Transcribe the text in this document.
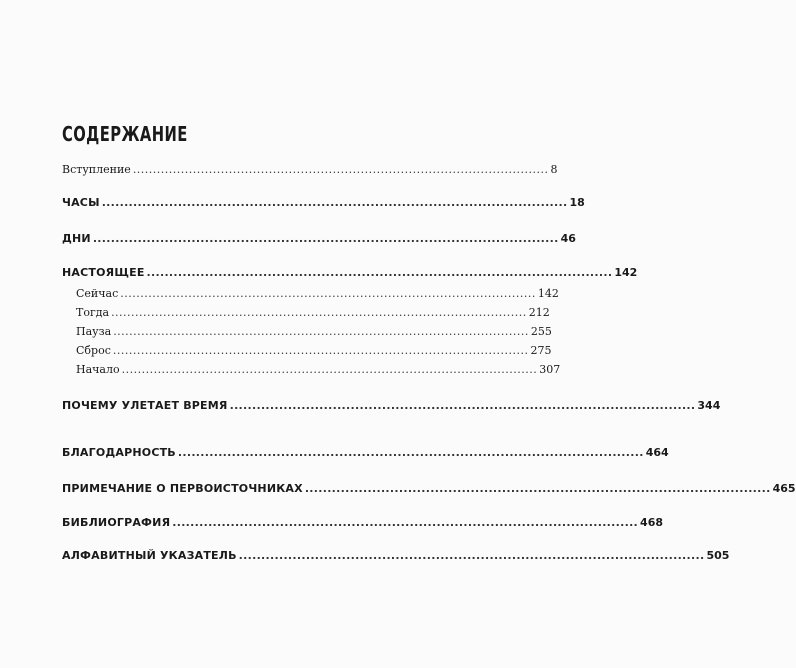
СОДЕРЖАНИЕ
Вступление ........................................................................................................ 8
ЧАСЫ ........................................................................................................ 18
ДНИ ........................................................................................................ 46
НАСТОЯЩЕЕ ........................................................................................................ 142
Сейчас ........................................................................................................ 142
Тогда ........................................................................................................ 212
Пауза ........................................................................................................ 255
Сброс ........................................................................................................ 275
Начало ........................................................................................................ 307
ПОЧЕМУ УЛЕТАЕТ ВРЕМЯ ........................................................................................................ 344
БЛАГОДАРНОСТЬ ........................................................................................................ 464
ПРИМЕЧАНИЕ О ПЕРВОИСТОЧНИКАХ ........................................................................................................ 465
БИБЛИОГРАФИЯ ........................................................................................................ 468
АЛФАВИТНЫЙ УКАЗАТЕЛЬ ........................................................................................................ 505
